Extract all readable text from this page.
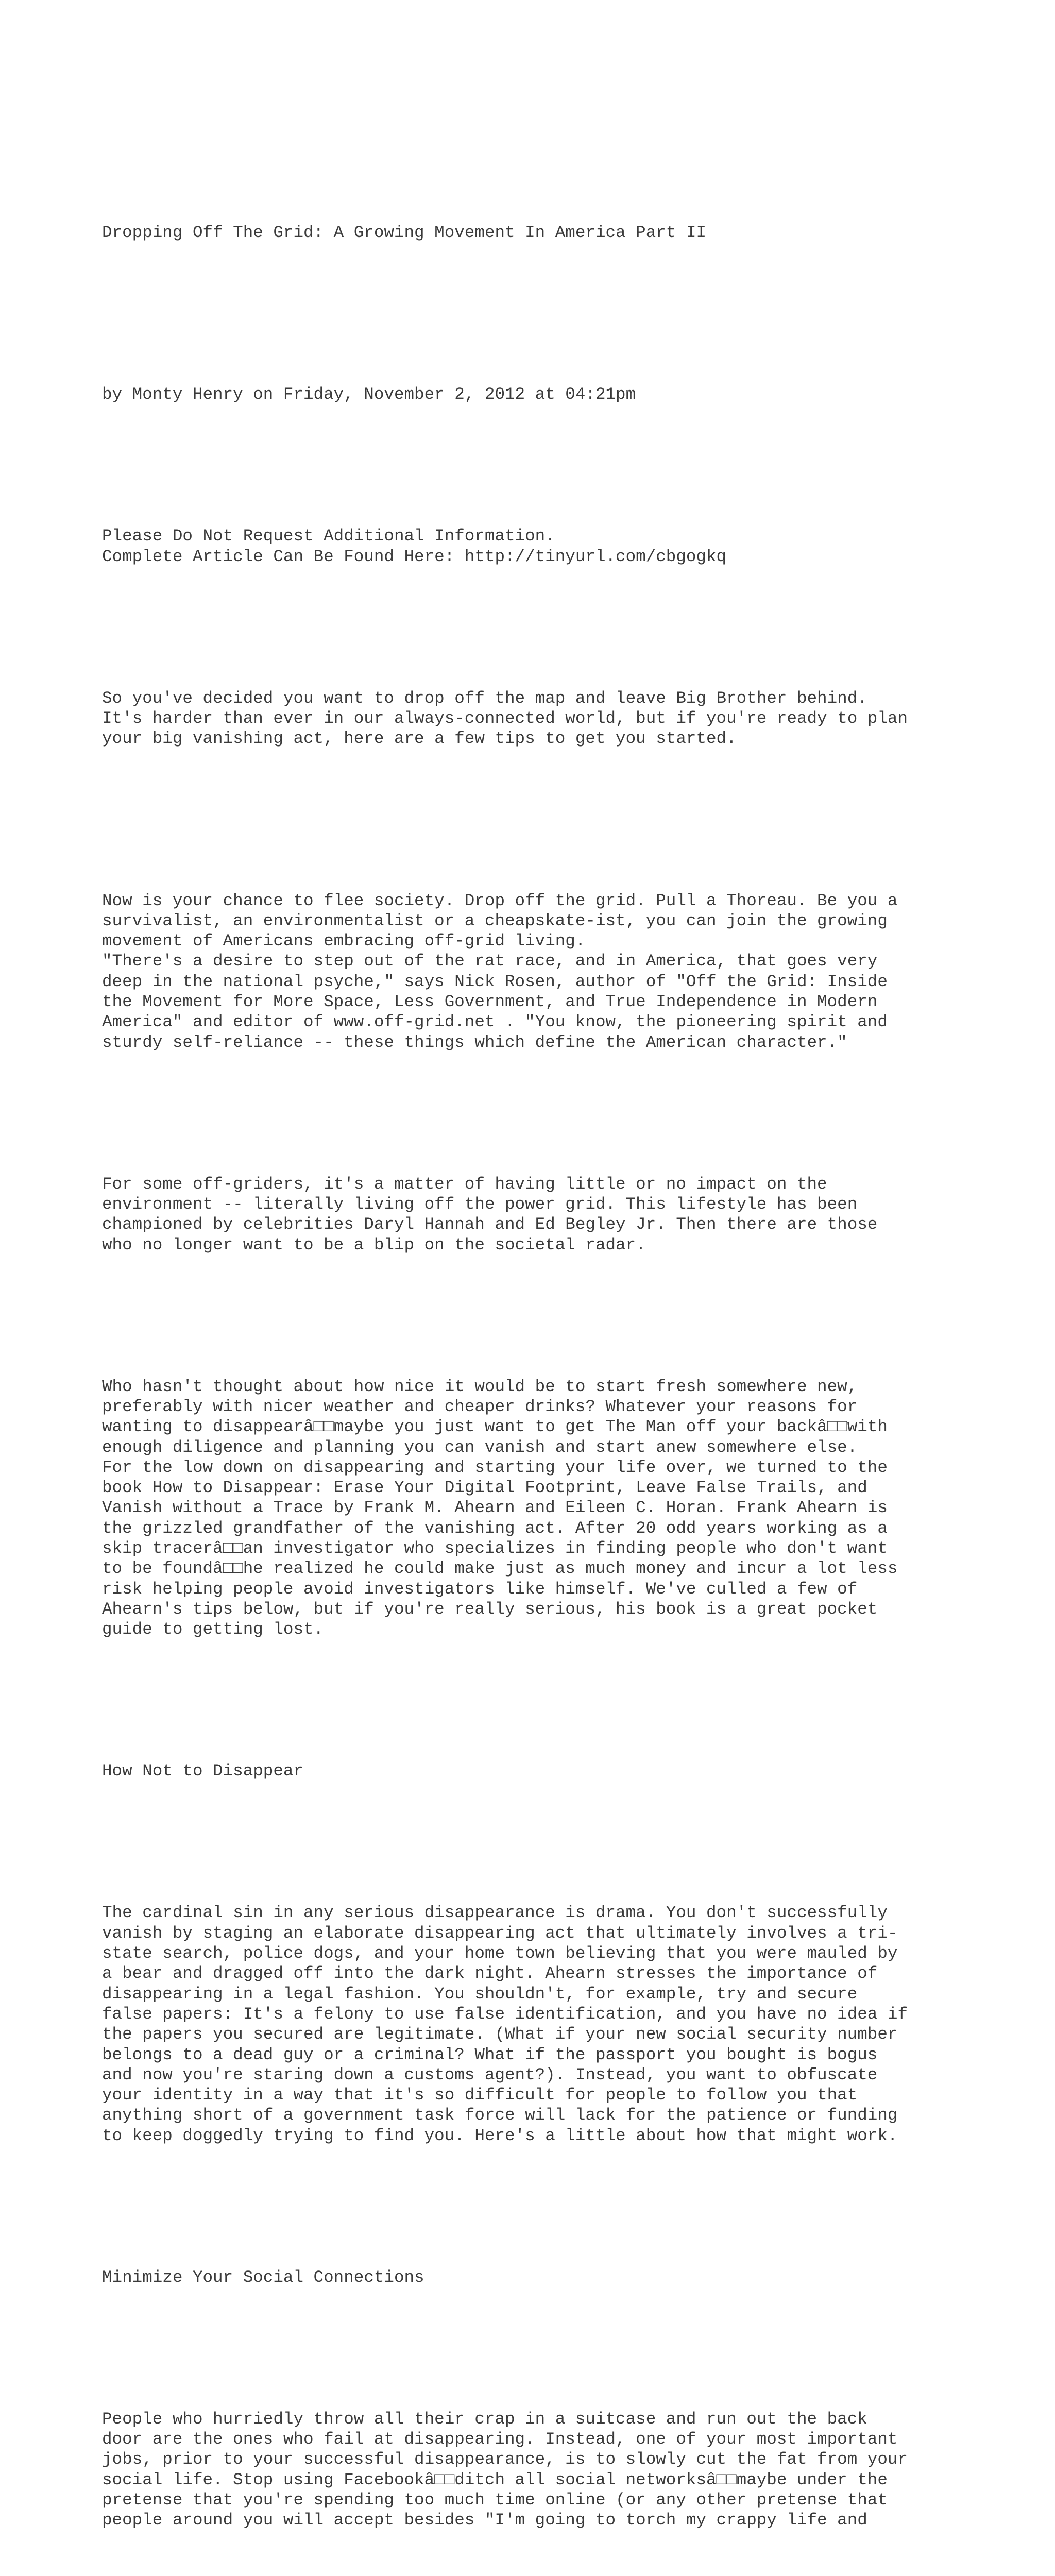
Dropping Off The Grid: A Growing Movement In America Part II

by Monty Henry on Friday, November 2, 2012 at 04:21pm

Please Do Not Request Additional Information.
Complete Article Can Be Found Here: http://tinyurl.com/cbgogkq

So you've decided you want to drop off the map and leave Big Brother behind.
It's harder than ever in our always-connected world, but if you're ready to plan
your big vanishing act, here are a few tips to get you started.

Now is your chance to flee society. Drop off the grid. Pull a Thoreau. Be you a
survivalist, an environmentalist or a cheapskate-ist, you can join the growing
movement of Americans embracing off-grid living.
"There's a desire to step out of the rat race, and in America, that goes very
deep in the national psyche," says Nick Rosen, author of "Off the Grid: Inside
the Movement for More Space, Less Government, and True Independence in Modern
America" and editor of www.off-grid.net . "You know, the pioneering spirit and
sturdy self-reliance -- these things which define the American character."

For some off-griders, it's a matter of having little or no impact on the
environment -- literally living off the power grid. This lifestyle has been
championed by celebrities Daryl Hannah and Ed Begley Jr. Then there are those
who no longer want to be a blip on the societal radar.

Who hasn't thought about how nice it would be to start fresh somewhere new,
preferably with nicer weather and cheaper drinks? Whatever your reasons for
wanting to disappearâ□□maybe you just want to get The Man off your backâ□□with
enough diligence and planning you can vanish and start anew somewhere else.
For the low down on disappearing and starting your life over, we turned to the
book How to Disappear: Erase Your Digital Footprint, Leave False Trails, and
Vanish without a Trace by Frank M. Ahearn and Eileen C. Horan. Frank Ahearn is
the grizzled grandfather of the vanishing act. After 20 odd years working as a
skip tracerâ□□an investigator who specializes in finding people who don't want
to be foundâ□□he realized he could make just as much money and incur a lot less
risk helping people avoid investigators like himself. We've culled a few of
Ahearn's tips below, but if you're really serious, his book is a great pocket
guide to getting lost.

How Not to Disappear

The cardinal sin in any serious disappearance is drama. You don't successfully
vanish by staging an elaborate disappearing act that ultimately involves a tri-
state search, police dogs, and your home town believing that you were mauled by
a bear and dragged off into the dark night. Ahearn stresses the importance of
disappearing in a legal fashion. You shouldn't, for example, try and secure
false papers: It's a felony to use false identification, and you have no idea if
the papers you secured are legitimate. (What if your new social security number
belongs to a dead guy or a criminal? What if the passport you bought is bogus
and now you're staring down a customs agent?). Instead, you want to obfuscate
your identity in a way that it's so difficult for people to follow you that
anything short of a government task force will lack for the patience or funding
to keep doggedly trying to find you. Here's a little about how that might work.

Minimize Your Social Connections

People who hurriedly throw all their crap in a suitcase and run out the back
door are the ones who fail at disappearing. Instead, one of your most important
jobs, prior to your successful disappearance, is to slowly cut the fat from your
social life. Stop using Facebookâ□□ditch all social networksâ□□maybe under the
pretense that you're spending too much time online (or any other pretense that
people around you will accept besides "I'm going to torch my crappy life and
